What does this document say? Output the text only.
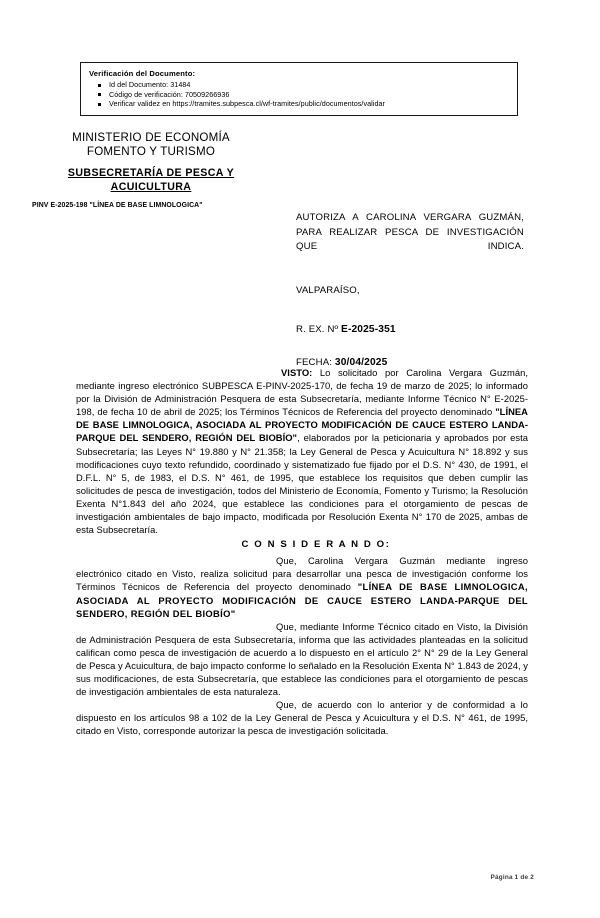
Verificación del Documento:
Id del Documento: 31484
Código de verificación: 70509266936
Verificar validez en https://tramites.subpesca.cl/wf-tramites/public/documentos/validar
MINISTERIO DE ECONOMÍA
FOMENTO Y TURISMO
SUBSECRETARÍA DE PESCA Y
ACUICULTURA
PINV E-2025-198 "LÍNEA DE BASE LIMNOLOGICA"
AUTORIZA A CAROLINA VERGARA GUZMÁN, PARA REALIZAR PESCA DE INVESTIGACIÓN QUE INDICA.
VALPARAÍSO,
R. EX. Nº E-2025-351
FECHA: 30/04/2025

VISTO: Lo solicitado por Carolina Vergara Guzmán, mediante ingreso electrónico SUBPESCA E-PINV-2025-170, de fecha 19 de marzo de 2025; lo informado por la División de Administración Pesquera de esta Subsecretaría, mediante Informe Técnico N° E-2025-198, de fecha 10 de abril de 2025; los Términos Técnicos de Referencia del proyecto denominado "LÍNEA DE BASE LIMNOLOGICA, ASOCIADA AL PROYECTO MODIFICACIÓN DE CAUCE ESTERO LANDA-PARQUE DEL SENDERO, REGIÓN DEL BIOBÍO", elaborados por la peticionaria y aprobados por esta Subsecretaría; las Leyes N° 19.880 y N° 21.358; la Ley General de Pesca y Acuicultura N° 18.892 y sus modificaciones cuyo texto refundido, coordinado y sistematizado fue fijado por el D.S. N° 430, de 1991, el D.F.L. N° 5, de 1983, el D.S. N° 461, de 1995, que establece los requisitos que deben cumplir las solicitudes de pesca de investigación, todos del Ministerio de Economía, Fomento y Turismo; la Resolución Exenta N°1.843 del año 2024, que establece las condiciones para el otorgamiento de pescas de investigación ambientales de bajo impacto, modificada por Resolución Exenta N° 170 de 2025, ambas de esta Subsecretaría.

C O N S I D E R A N D O:

Que, Carolina Vergara Guzmán mediante ingreso electrónico citado en Visto, realiza solicitud para desarrollar una pesca de investigación conforme los Términos Técnicos de Referencia del proyecto denominado "LÍNEA DE BASE LIMNOLOGICA, ASOCIADA AL PROYECTO MODIFICACIÓN DE CAUCE ESTERO LANDA-PARQUE DEL SENDERO, REGIÓN DEL BIOBÍO"

Que, mediante Informe Técnico citado en Visto, la División de Administración Pesquera de esta Subsecretaría, informa que las actividades planteadas en la solicitud califican como pesca de investigación de acuerdo a lo dispuesto en el artículo 2° N° 29 de la Ley General de Pesca y Acuicultura, de bajo impacto conforme lo señalado en la Resolución Exenta N° 1.843 de 2024, y sus modificaciones, de esta Subsecretaría, que establece las condiciones para el otorgamiento de pescas de investigación ambientales de esta naturaleza.

Que, de acuerdo con lo anterior y de conformidad a lo dispuesto en los artículos 98 a 102 de la Ley General de Pesca y Acuicultura y el D.S. N° 461, de 1995, citado en Visto, corresponde autorizar la pesca de investigación solicitada.

Página 1 de 2
